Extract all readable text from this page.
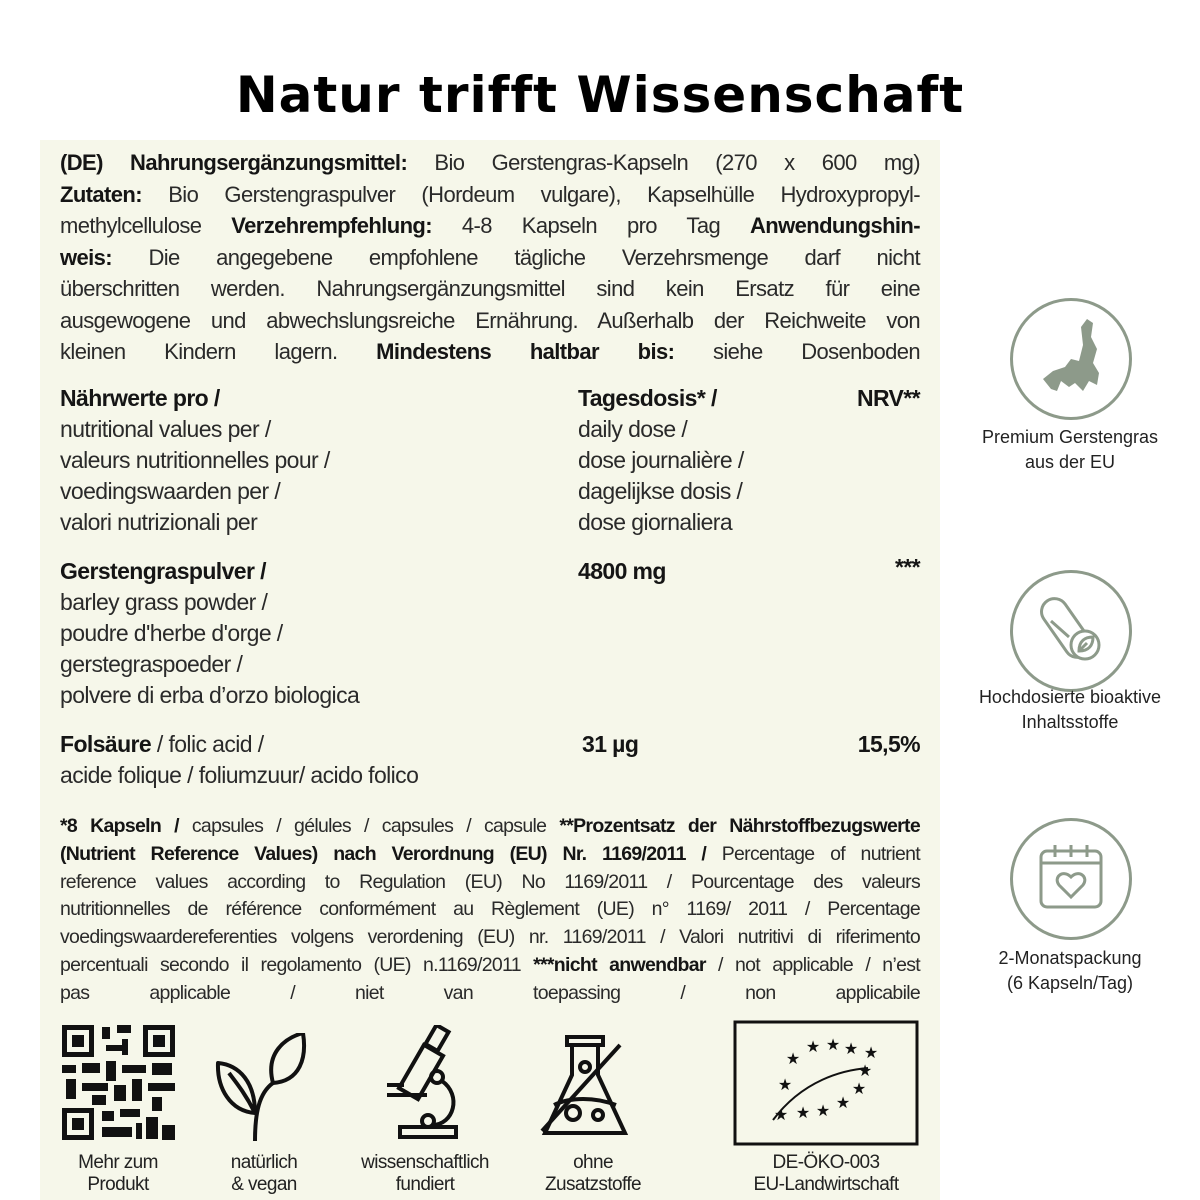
Natur trifft Wissenschaft
(DE) Nahrungsergänzungsmittel: Bio Gerstengras-Kapseln (270 x 600 mg)
Zutaten: Bio Gerstengraspulver (Hordeum vulgare), Kapselhülle Hydroxypropyl-
methylcellulose Verzehrempfehlung: 4-8 Kapseln pro Tag Anwendungshin-
weis: Die angegebene empfohlene tägliche Verzehrsmenge darf nicht
überschritten werden. Nahrungsergänzungsmittel sind kein Ersatz für eine
ausgewogene und abwechslungsreiche Ernährung. Außerhalb der Reichweite von
kleinen Kindern lagern. Mindestens haltbar bis: siehe Dosenboden
Nährwerte pro /
nutritional values per /
valeurs nutritionnelles pour /
voedingswaarden per /
valori nutrizionali per
Tagesdosis* /
daily dose /
dose journalière /
dagelijkse dosis /
dose giornaliera
NRV**
Gerstengraspulver /
barley grass powder /
poudre d'herbe d'orge /
gerstegraspoeder /
polvere di erba d’orzo biologica
4800 mg	***
Folsäure / folic acid /
acide folique / foliumzuur/ acido folico
31 µg	15,5%
*8 Kapseln / capsules / gélules / capsules / capsule **Prozentsatz der Nährstoffbezugswerte
(Nutrient Reference Values) nach Verordnung (EU) Nr. 1169/2011 / Percentage of nutrient
reference values according to Regulation (EU) No 1169/2011 / Pourcentage des valeurs
nutritionnelles de référence conformément au Règlement (UE) n° 1169/ 2011 / Percentage
voedingswaardereferenties volgens verordening (EU) nr. 1169/2011 / Valori nutritivi di riferimento
percentuali secondo il regolamento (UE) n.1169/2011 ***nicht anwendbar / not applicable / n’est
pas applicable / niet van toepassing / non applicabile
★ ★ ★ ★
★
★
★
★
★
★
★
★
Mehr zum
Produkt
natürlich
& vegan
wissenschaftlich
fundiert
ohne
Zusatzstoffe
DE-ÖKO-003
EU-Landwirtschaft
Premium Gerstengras
aus der EU
Hochdosierte bioaktive
Inhaltsstoffe
2-Monatspackung
(6 Kapseln/Tag)
